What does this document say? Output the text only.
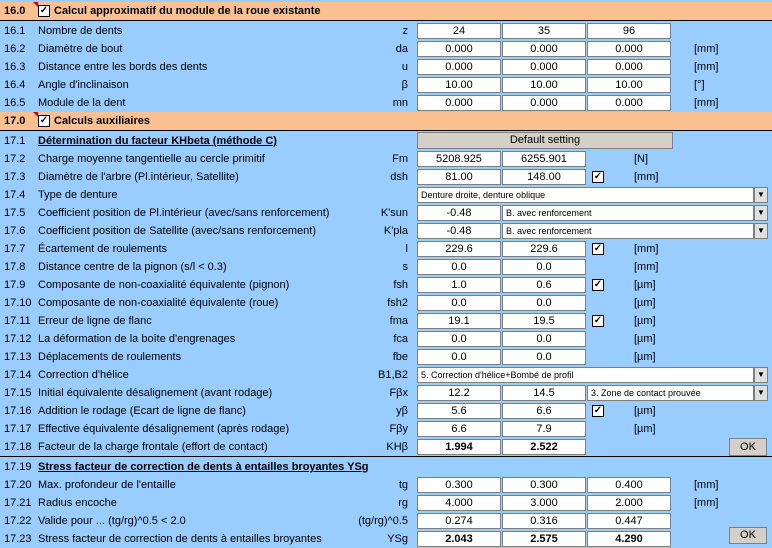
16.0	✓ Calcul approximatif du module de la roue existante
16.1	Nombre de dents	z	24	35	96
16.2	Diamètre de bout	da	0.000	0.000	0.000	[mm]
16.3	Distance entre les bords des dents	u	0.000	0.000	0.000	[mm]
16.4	Angle d'inclinaison	β	10.00	10.00	10.00	[°]
16.5	Module de la dent	mn	0.000	0.000	0.000	[mm]
17.0	✓ Calculs auxiliaires
17.1	Détermination du facteur KHbeta (méthode C)	Default setting
17.2	Charge moyenne tangentielle au cercle primitif	Fm	5208.925	6255.901	[N]
17.3	Diamètre de l'arbre (Pl.intérieur, Satellite)	dsh	81.00	148.00	✓	[mm]
17.4	Type de denture	Denture droite, denture oblique	▼
17.5	Coefficient position de Pl.intérieur (avec/sans renforcement)	K'sun	-0.48	B. avec renforcement	▼
17.6	Coefficient position de Satellite (avec/sans renforcement)	K'pla	-0.48	B. avec renforcement	▼
17.7	Écartement de roulements	l	229.6	229.6	✓	[mm]
17.8	Distance centre de la pignon (s/l < 0.3)	s	0.0	0.0	[mm]
17.9	Composante de non-coaxialité équivalente (pignon)	fsh	1.0	0.6	✓	[µm]
17.10 Composante de non-coaxialité équivalente (roue)	fsh2	0.0	0.0	[µm]
17.11 Erreur de ligne de flanc	fma	19.1	19.5	✓	[µm]
17.12 La déformation de la boîte d'engrenages	fca	0.0	0.0	[µm]
17.13 Déplacements de roulements	fbe	0.0	0.0	[µm]
17.14 Correction d'hélice	B1,B2	5. Correction d'hélice+Bombé de profil	▼
17.15 Initial équivalente désalignement (avant rodage)	Fβx	12.2	14.5	3. Zone de contact prouvée	▼
17.16 Addition le rodage (Ecart de ligne de flanc)	yβ	5.6	6.6	✓	[µm]
17.17 Effective équivalente désalignement (après rodage)	Fβy	6.6	7.9	[µm]
17.18 Facteur de la charge frontale (effort de contact)	KHβ	1.994	2.522	OK
17.19 Stress facteur de correction de dents à entailles broyantes YSg
17.20 Max. profondeur de l'entaille	tg	0.300	0.300	0.400	[mm]
17.21 Radius encoche	rg	4.000	3.000	2.000	[mm]
17.22 Valide pour ... (tg/rg)^0.5 < 2.0	(tg/rg)^0.5	0.274	0.316	0.447
17.23 Stress facteur de correction de dents à entailles broyantes	YSg	2.043	2.575	4.290	OK
